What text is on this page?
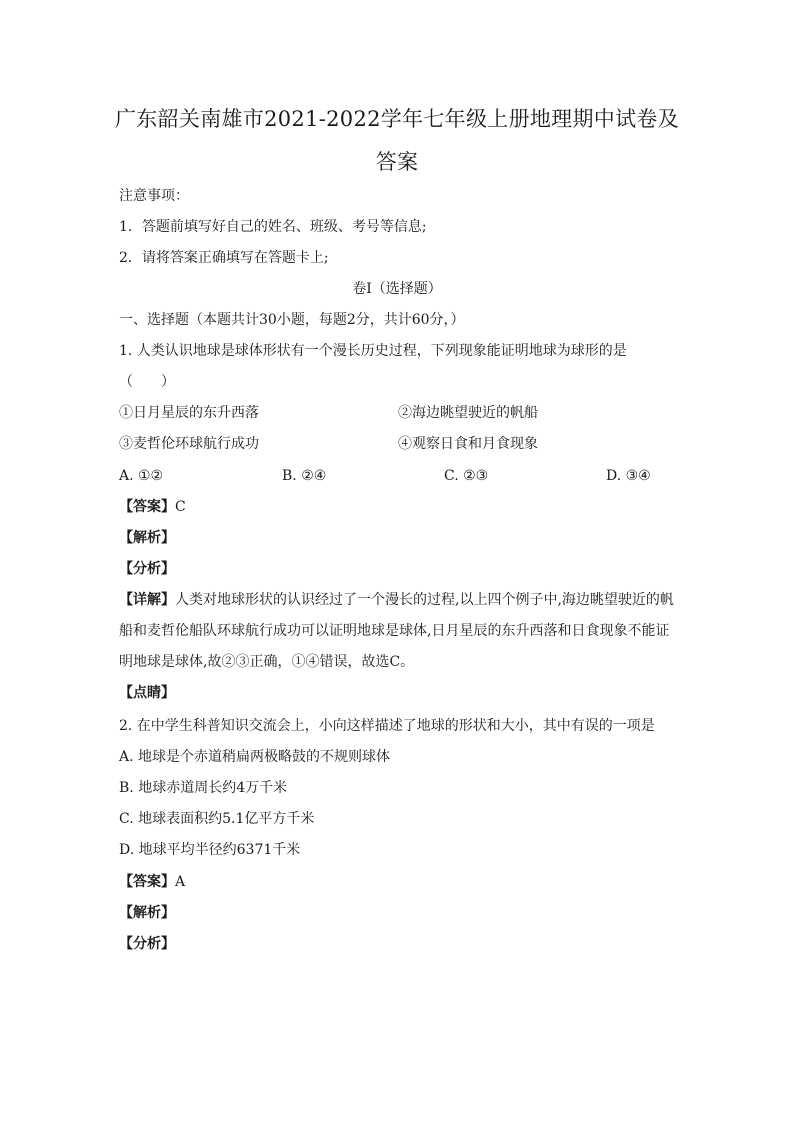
广东韶关南雄市2021-2022学年七年级上册地理期中试卷及
答案
注意事项：
1．答题前填写好自己的姓名、班级、考号等信息;
2．请将答案正确填写在答题卡上;
卷I（选择题）
一、选择题（本题共计30小题，每题2分，共计60分，）
1. 人类认识地球是球体形状有一个漫长历史过程，下列现象能证明地球为球形的是
（　　）
①日月星辰的东升西落	②海边眺望驶近的帆船
③麦哲伦环球航行成功	④观察日食和月食现象
A. ①②	B. ②④	C. ②③	D. ③④
【答案】C
【解析】
【分析】
【详解】人类对地球形状的认识经过了一个漫长的过程,以上四个例子中,海边眺望驶近的帆船和麦哲伦船队环球航行成功可以证明地球是球体,日月星辰的东升西落和日食现象不能证明地球是球体,故②③正确，①④错误，故选C。
【点睛】
2. 在中学生科普知识交流会上，小向这样描述了地球的形状和大小，其中有误的一项是
A. 地球是个赤道稍扁两极略鼓的不规则球体
B. 地球赤道周长约4万千米
C. 地球表面积约5.1亿平方千米
D. 地球平均半径约6371千米
【答案】A
【解析】
【分析】
